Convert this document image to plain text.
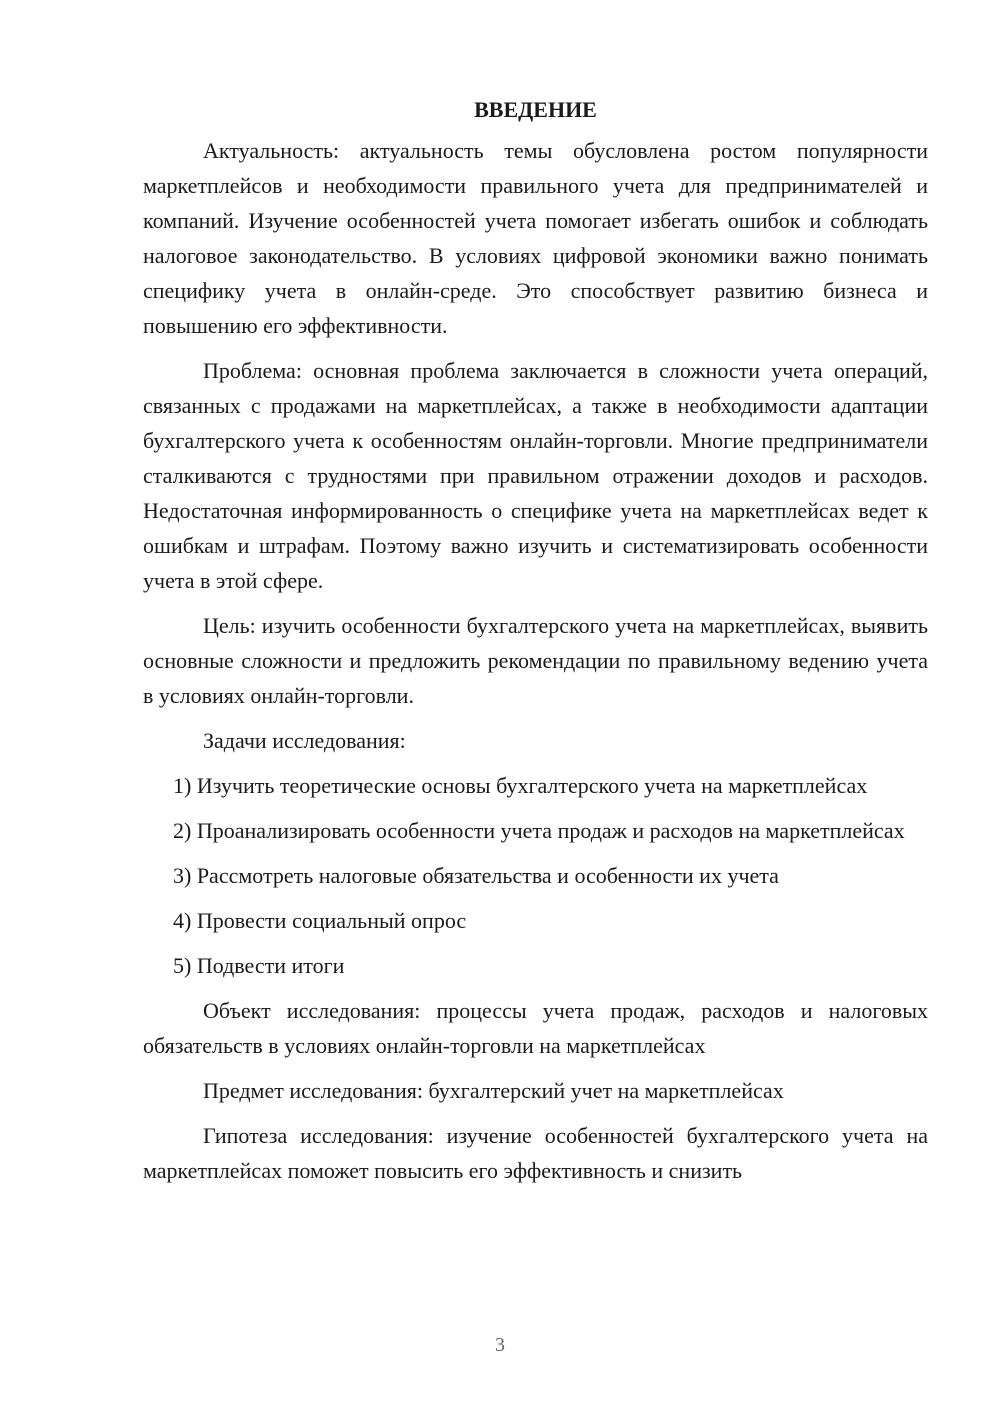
ВВЕДЕНИЕ

Актуальность: актуальность темы обусловлена ростом популярности маркетплейсов и необходимости правильного учета для предпринимателей и компаний. Изучение особенностей учета помогает избегать ошибок и соблюдать налоговое законодательство. В условиях цифровой экономики важно понимать специфику учета в онлайн-среде. Это способствует развитию бизнеса и повышению его эффективности.

Проблема: основная проблема заключается в сложности учета операций, связанных с продажами на маркетплейсах, а также в необходимости адаптации бухгалтерского учета к особенностям онлайн-торговли. Многие предприниматели сталкиваются с трудностями при правильном отражении доходов и расходов. Недостаточная информированность о специфике учета на маркетплейсах ведет к ошибкам и штрафам. Поэтому важно изучить и систематизировать особенности учета в этой сфере.

Цель: изучить особенности бухгалтерского учета на маркетплейсах, выявить основные сложности и предложить рекомендации по правильному ведению учета в условиях онлайн-торговли.

Задачи исследования:

1) Изучить теоретические основы бухгалтерского учета на маркетплейсах

2) Проанализировать особенности учета продаж и расходов на маркетплейсах

3) Рассмотреть налоговые обязательства и особенности их учета

4) Провести социальный опрос

5) Подвести итоги

Объект исследования: процессы учета продаж, расходов и налоговых обязательств в условиях онлайн-торговли на маркетплейсах

Предмет исследования: бухгалтерский учет на маркетплейсах

Гипотеза исследования: изучение особенностей бухгалтерского учета на маркетплейсах поможет повысить его эффективность и снизить

3
